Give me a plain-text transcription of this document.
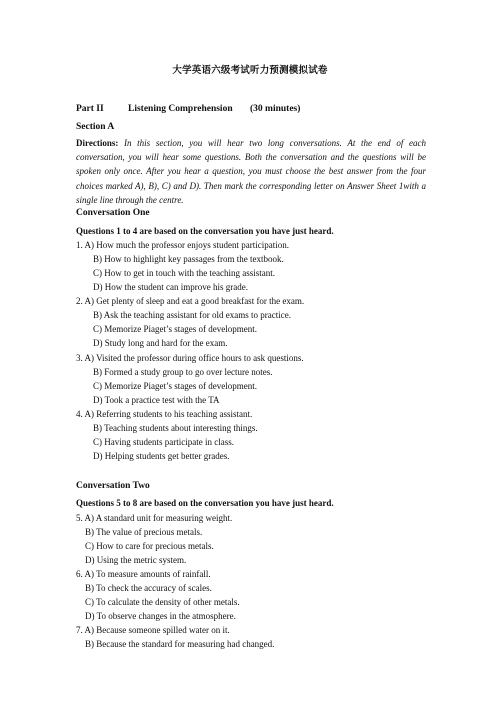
大学英语六级考试听力预测模拟试卷
Part II	Listening Comprehension (30 minutes)
Section A
Directions: In this section, you will hear two long conversations. At the end of each conversation, you will hear some questions. Both the conversation and the questions will be spoken only once. After you hear a question, you must choose the best answer from the four choices marked A), B), C) and D). Then mark the corresponding letter on Answer Sheet 1with a single line through the centre.
Conversation One
Questions 1 to 4 are based on the conversation you have just heard.
1. A) How much the professor enjoys student participation.
B) How to highlight key passages from the textbook.
C) How to get in touch with the teaching assistant.
D) How the student can improve his grade.
2. A) Get plenty of sleep and eat a good breakfast for the exam.
B) Ask the teaching assistant for old exams to practice.
C) Memorize Piaget’s stages of development.
D) Study long and hard for the exam.
3. A) Visited the professor during office hours to ask questions.
B) Formed a study group to go over lecture notes.
C) Memorize Piaget’s stages of development.
D) Took a practice test with the TA
4. A) Referring students to his teaching assistant.
B) Teaching students about interesting things.
C) Having students participate in class.
D) Helping students get better grades.
Conversation Two
Questions 5 to 8 are based on the conversation you have just heard.
5. A) A standard unit for measuring weight.
B) The value of precious metals.
C) How to care for precious metals.
D) Using the metric system.
6. A) To measure amounts of rainfall.
B) To check the accuracy of scales.
C) To calculate the density of other metals.
D) To observe changes in the atmosphere.
7. A) Because someone spilled water on it.
B) Because the standard for measuring had changed.
